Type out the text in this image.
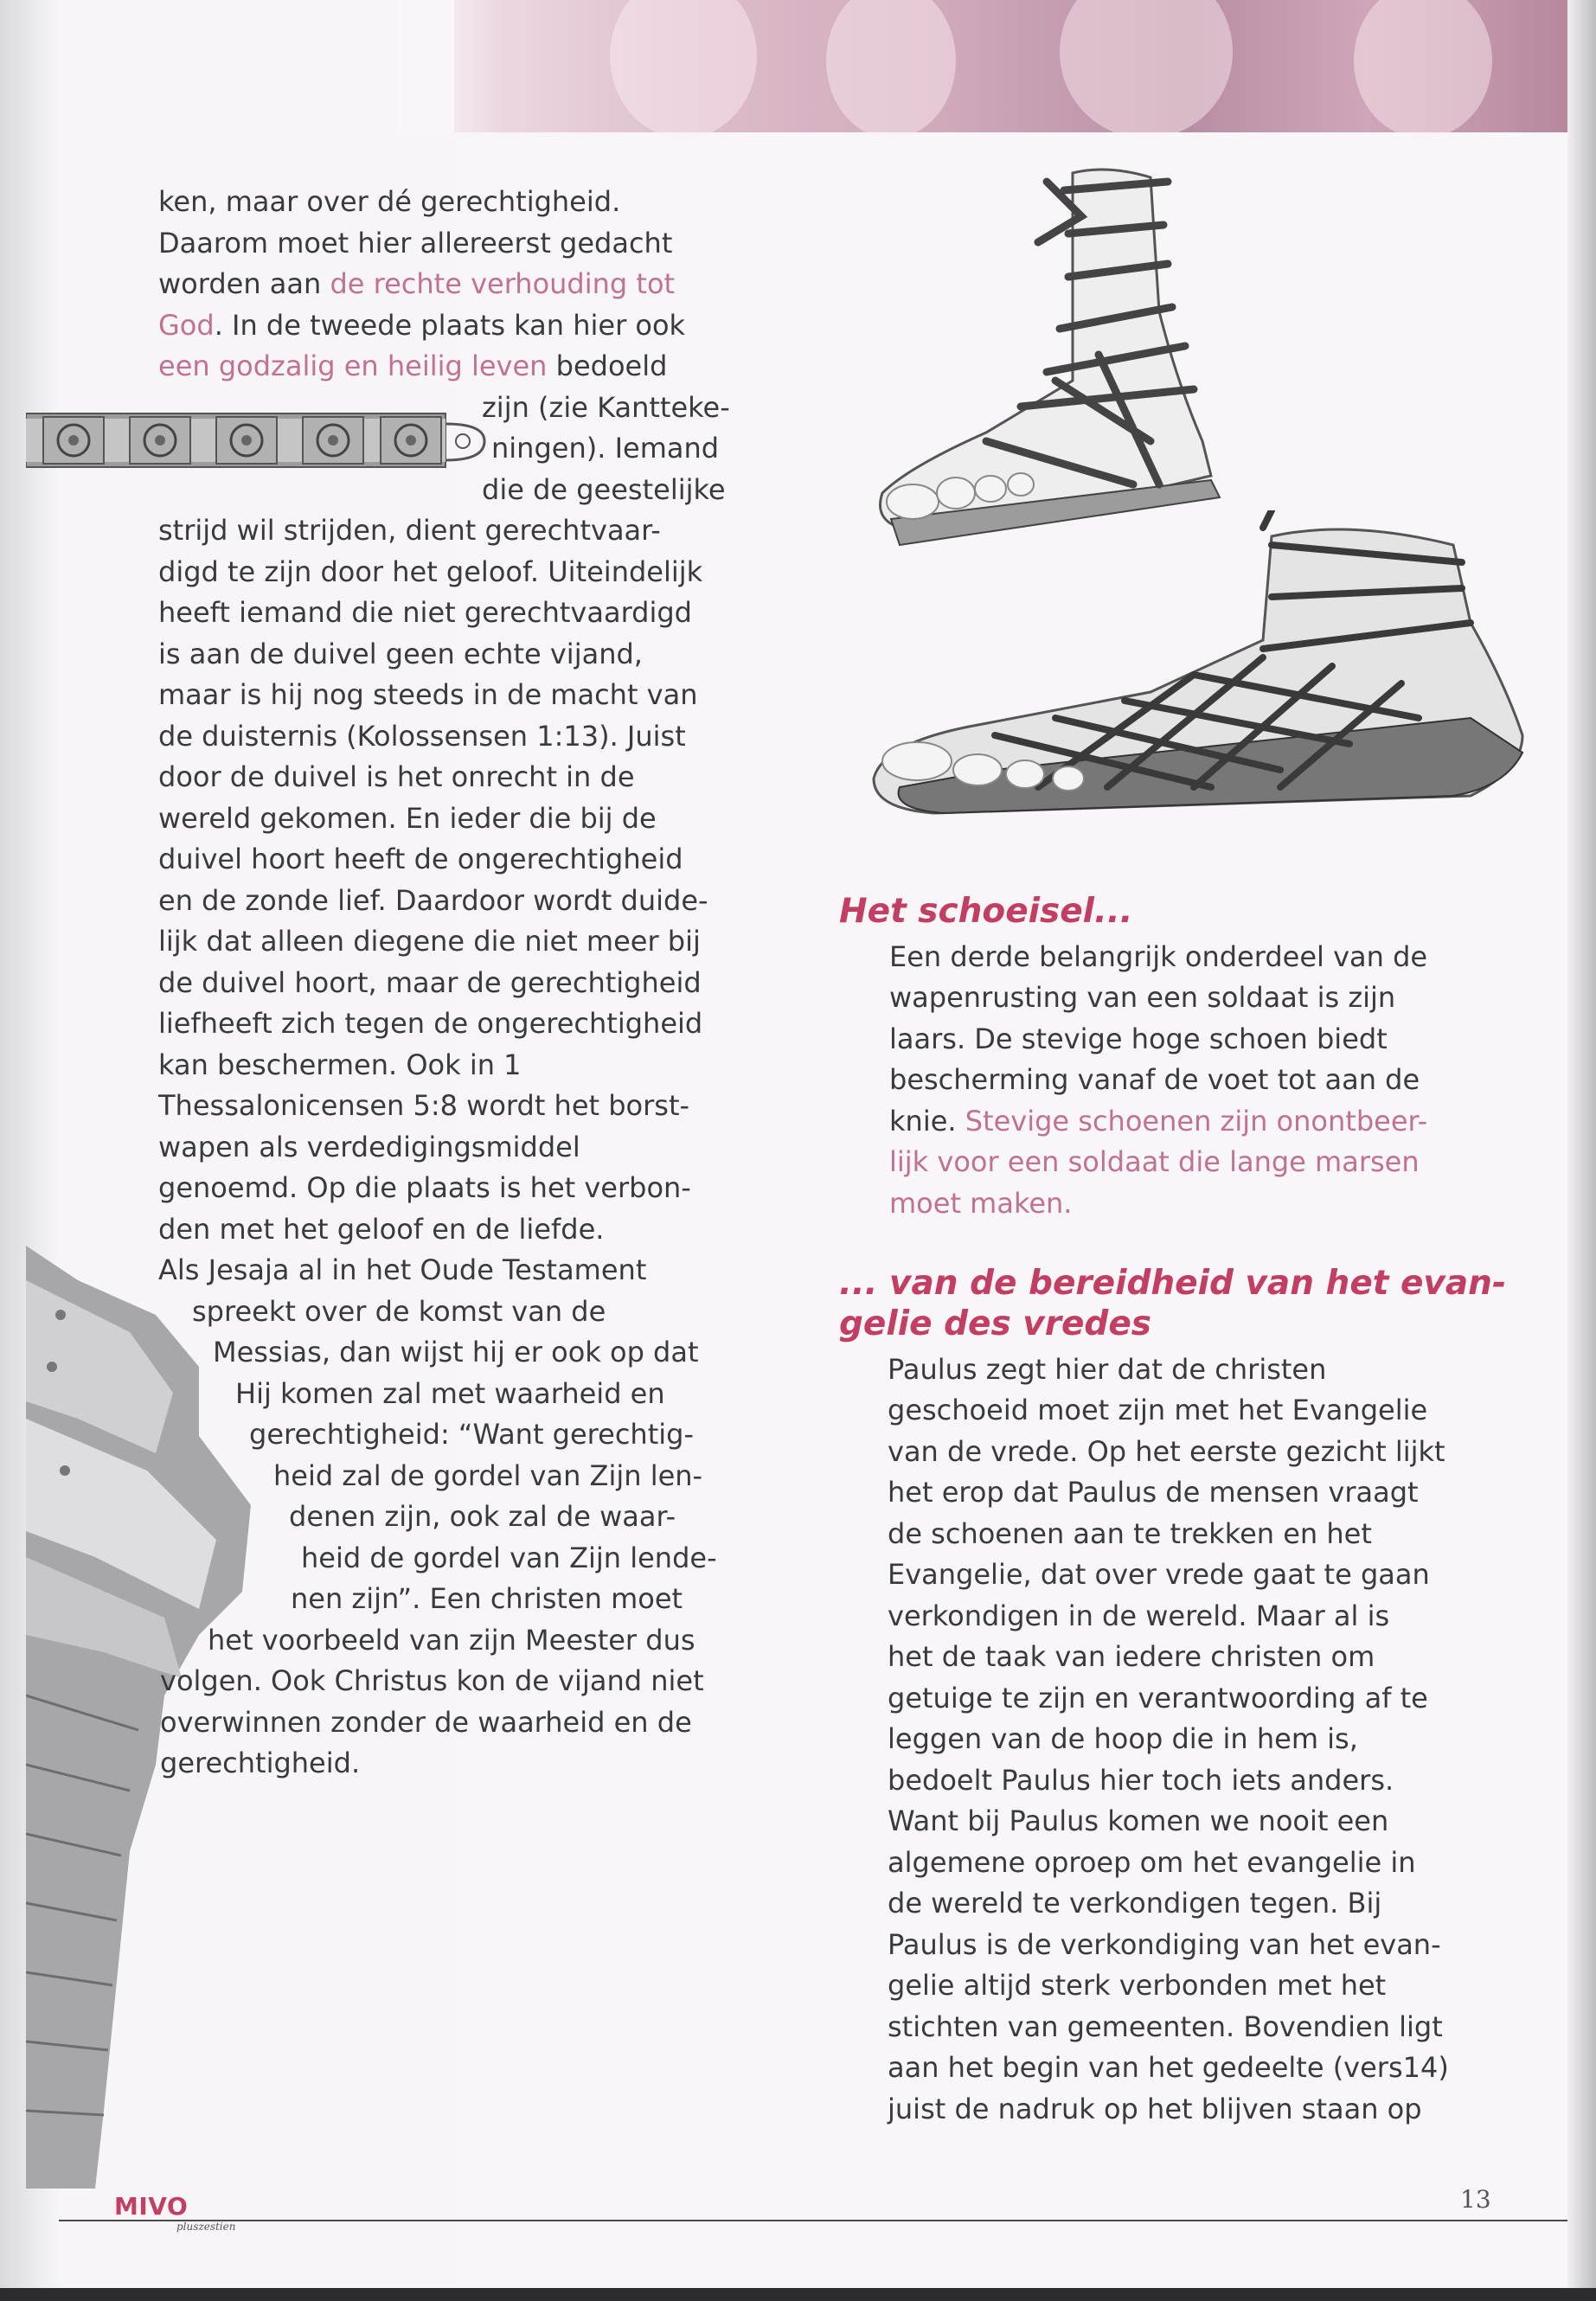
ken, maar over dé gerechtigheid.
Daarom moet hier allereerst gedacht
worden aan de rechte verhouding tot
God. In de tweede plaats kan hier ook
een godzalig en heilig leven bedoeld
zijn (zie Kantteke-
ningen). Iemand
die de geestelijke
strijd wil strijden, dient gerechtvaar-
digd te zijn door het geloof. Uiteindelijk
heeft iemand die niet gerechtvaardigd
is aan de duivel geen echte vijand,
maar is hij nog steeds in de macht van
de duisternis (Kolossensen 1:13). Juist
door de duivel is het onrecht in de
wereld gekomen. En ieder die bij de
duivel hoort heeft de ongerechtigheid
en de zonde lief. Daardoor wordt duide-
lijk dat alleen diegene die niet meer bij
de duivel hoort, maar de gerechtigheid
liefheeft zich tegen de ongerechtigheid
kan beschermen. Ook in 1
Thessalonicensen 5:8 wordt het borst-
wapen als verdedigingsmiddel
genoemd. Op die plaats is het verbon-
den met het geloof en de liefde.
Als Jesaja al in het Oude Testament
spreekt over de komst van de
Messias, dan wijst hij er ook op dat
Hij komen zal met waarheid en
gerechtigheid: “Want gerechtig-
heid zal de gordel van Zijn len-
denen zijn, ook zal de waar-
heid de gordel van Zijn lende-
nen zijn”. Een christen moet
het voorbeeld van zijn Meester dus
volgen. Ook Christus kon de vijand niet
overwinnen zonder de waarheid en de
gerechtigheid.
Het schoeisel...
Een derde belangrijk onderdeel van de
wapenrusting van een soldaat is zijn
laars. De stevige hoge schoen biedt
bescherming vanaf de voet tot aan de
knie. Stevige schoenen zijn onontbeer-
lijk voor een soldaat die lange marsen
moet maken.
... van de bereidheid van het evan-
gelie des vredes
Paulus zegt hier dat de christen
geschoeid moet zijn met het Evangelie
van de vrede. Op het eerste gezicht lijkt
het erop dat Paulus de mensen vraagt
de schoenen aan te trekken en het
Evangelie, dat over vrede gaat te gaan
verkondigen in de wereld. Maar al is
het de taak van iedere christen om
getuige te zijn en verantwoording af te
leggen van de hoop die in hem is,
bedoelt Paulus hier toch iets anders.
Want bij Paulus komen we nooit een
algemene oproep om het evangelie in
de wereld te verkondigen tegen. Bij
Paulus is de verkondiging van het evan-
gelie altijd sterk verbonden met het
stichten van gemeenten. Bovendien ligt
aan het begin van het gedeelte (vers14)
juist de nadruk op het blijven staan op
MIVO
pluszestien
13
